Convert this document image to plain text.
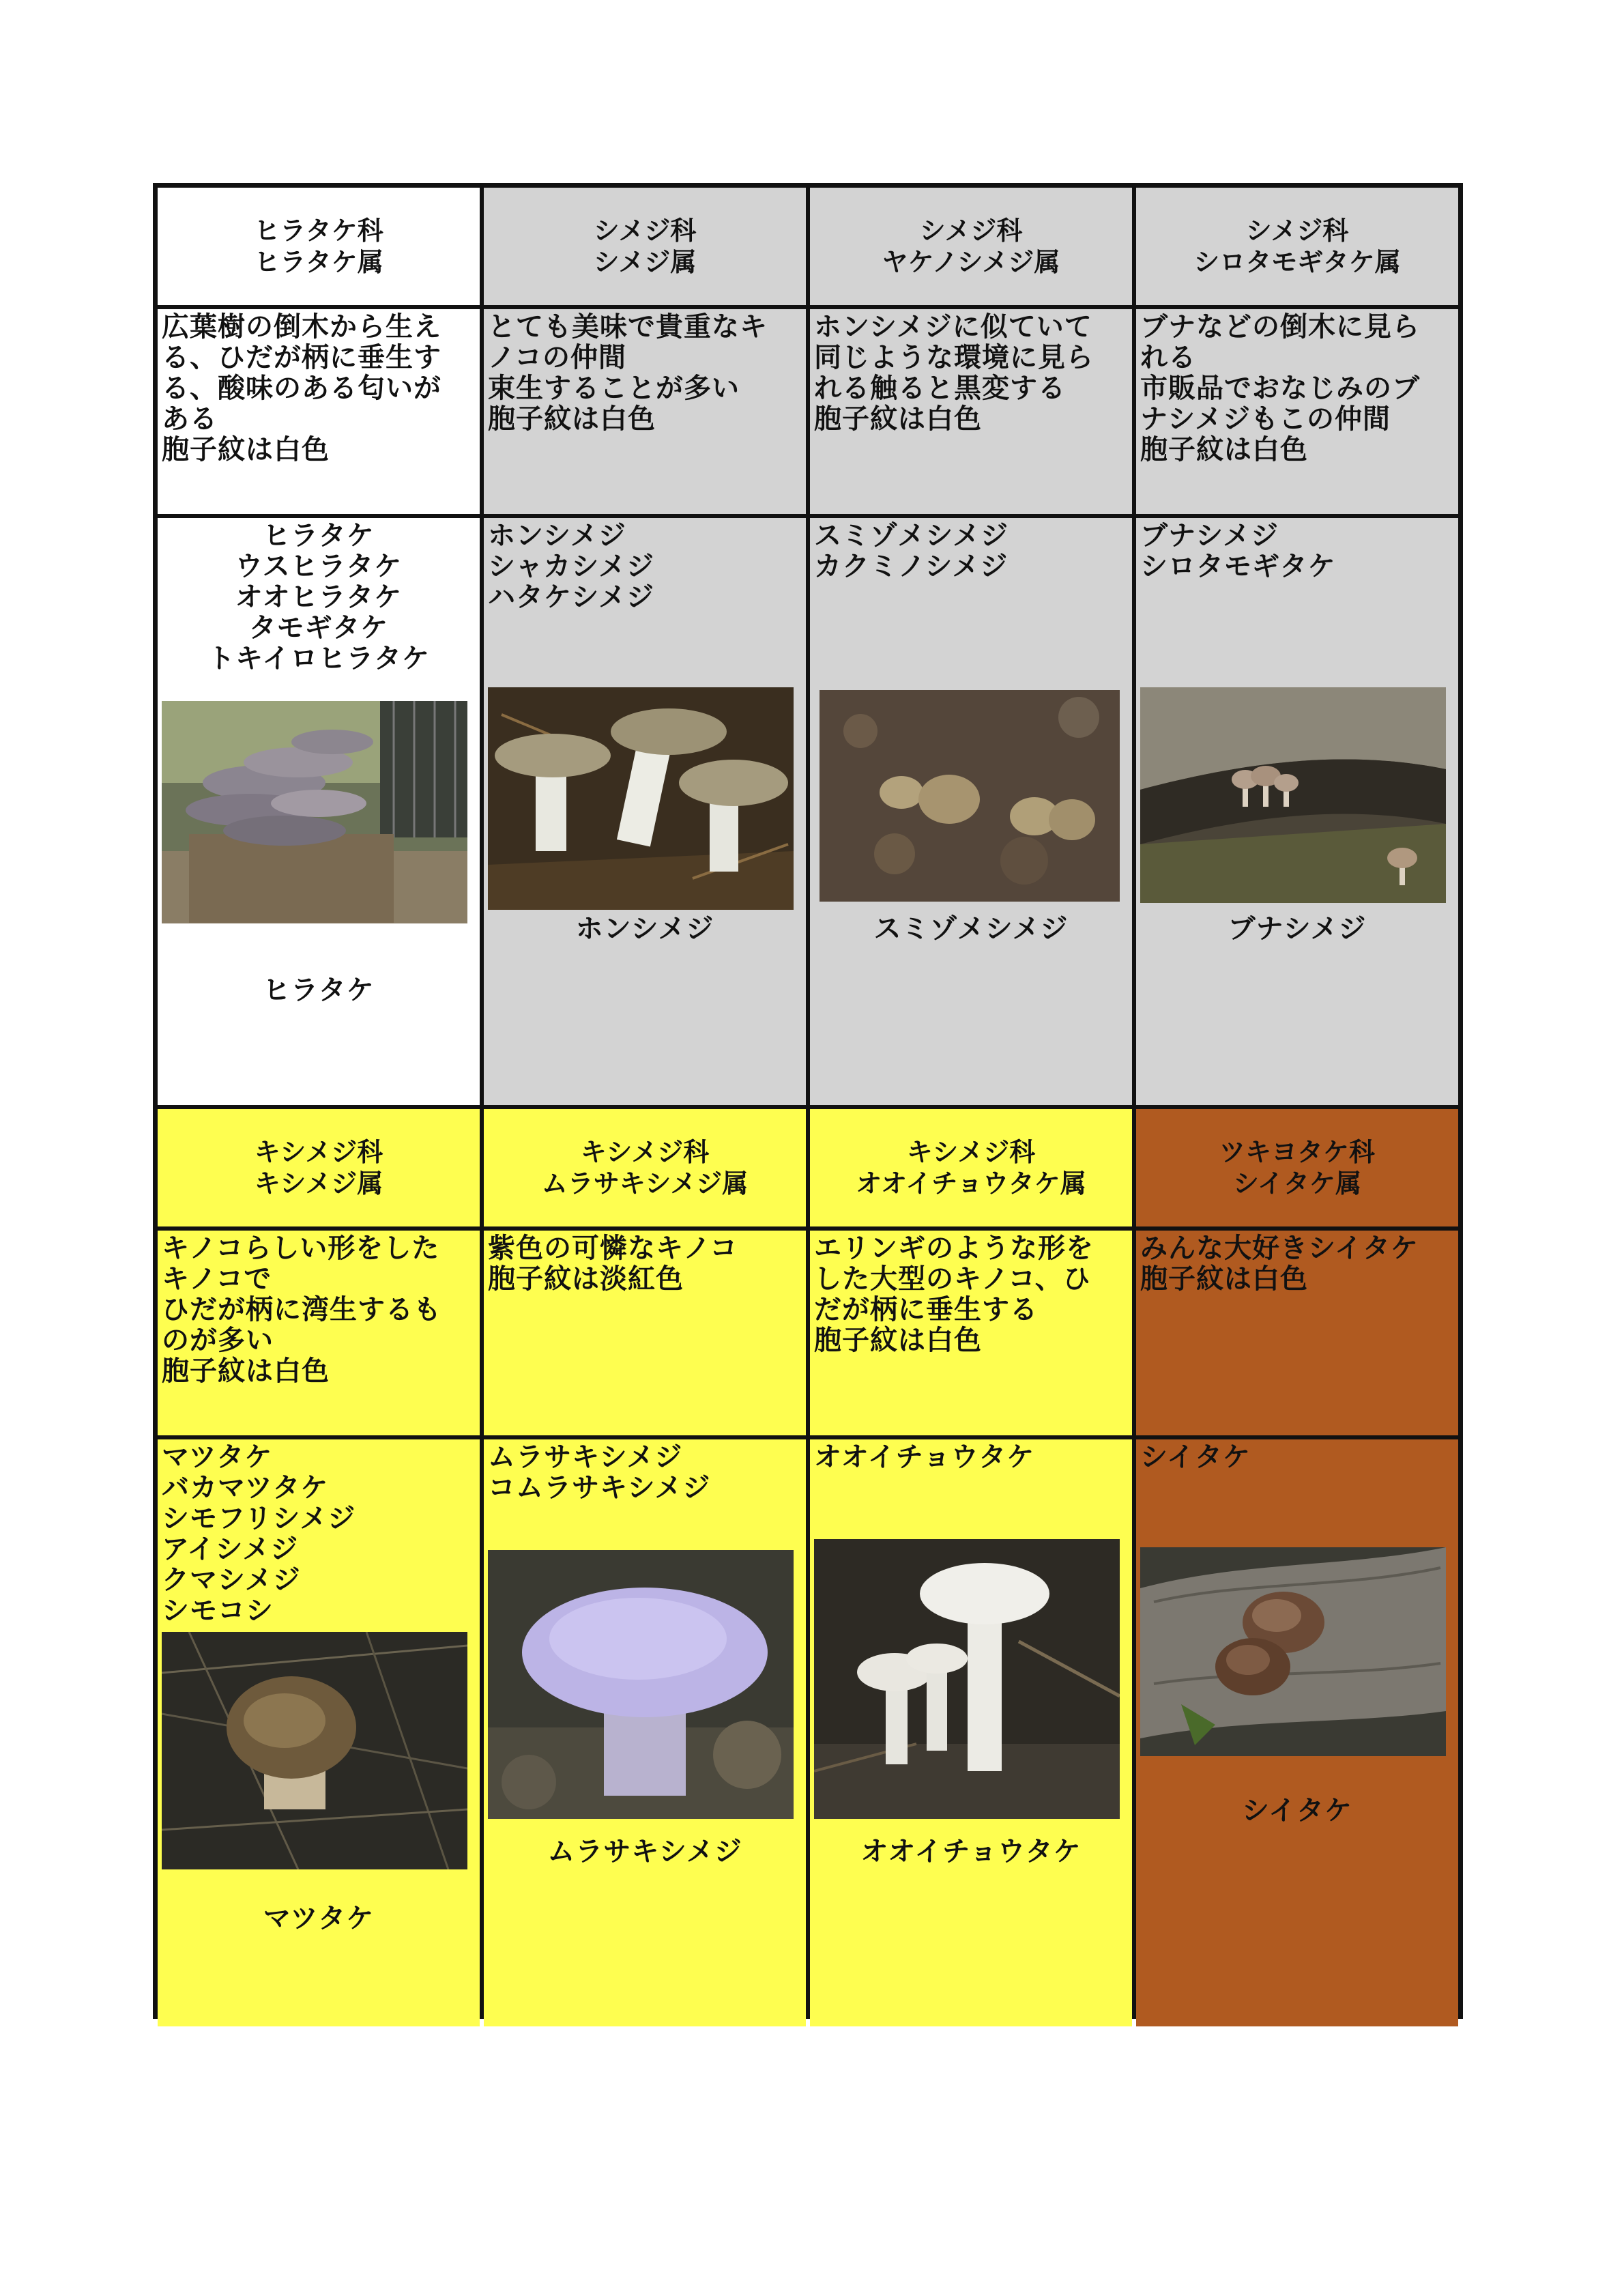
ヒラタケ科
ヒラタケ属
シメジ科
シメジ属
シメジ科
ヤケノシメジ属
シメジ科
シロタモギタケ属
広葉樹の倒木から生え
る、ひだが柄に垂生す
る、酸味のある匂いが
ある
胞子紋は白色
とても美味で貴重なキ
ノコの仲間
束生することが多い
胞子紋は白色
ホンシメジに似ていて
同じような環境に見ら
れる触ると黒変する
胞子紋は白色
ブナなどの倒木に見ら
れる
市販品でおなじみのブ
ナシメジもこの仲間
胞子紋は白色
ヒラタケ
ウスヒラタケ
オオヒラタケ
タモギタケ
トキイロヒラタケ
ヒラタケ
ホンシメジ
シャカシメジ
ハタケシメジ
ホンシメジ
スミゾメシメジ
カクミノシメジ
スミゾメシメジ
ブナシメジ
シロタモギタケ
ブナシメジ
キシメジ科
キシメジ属
キシメジ科
ムラサキシメジ属
キシメジ科
オオイチョウタケ属
ツキヨタケ科
シイタケ属
キノコらしい形をした
キノコで
ひだが柄に湾生するも
のが多い
胞子紋は白色
紫色の可憐なキノコ
胞子紋は淡紅色
エリンギのような形を
した大型のキノコ、ひ
だが柄に垂生する
胞子紋は白色
みんな大好きシイタケ
胞子紋は白色
マツタケ
バカマツタケ
シモフリシメジ
アイシメジ
クマシメジ
シモコシ
マツタケ
ムラサキシメジ
コムラサキシメジ
ムラサキシメジ
オオイチョウタケ
オオイチョウタケ
シイタケ
シイタケ
